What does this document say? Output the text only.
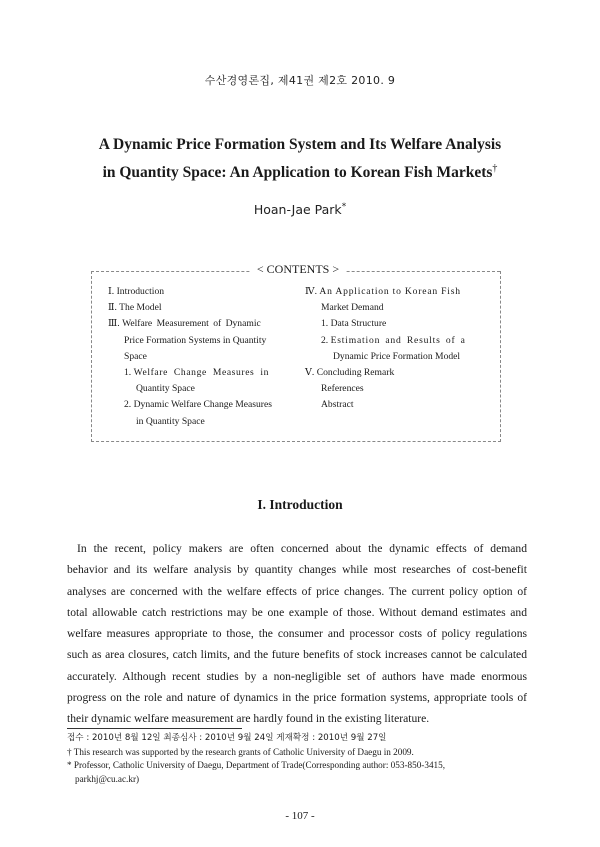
수산경영론집, 제41권 제2호 2010. 9
A Dynamic Price Formation System and Its Welfare Analysis
in Quantity Space: An Application to Korean Fish Markets†
Hoan-Jae Park*
< CONTENTS >
Ⅰ. Introduction
Ⅱ. The Model
Ⅲ. Welfare Measurement of Dynamic
Price Formation Systems in Quantity
Space
1. Welfare Change Measures in
Quantity Space
2. Dynamic Welfare Change Measures
in Quantity Space
Ⅳ. An Application to Korean Fish
Market Demand
1. Data Structure
2. Estimation and Results of a
Dynamic Price Formation Model
Ⅴ. Concluding Remark
References
Abstract
I. Introduction
In the recent, policy makers are often concerned about the dynamic effects of demand
behavior and its welfare analysis by quantity changes while most researches of cost-benefit
analyses are concerned with the welfare effects of price changes. The current policy option of
total allowable catch restrictions may be one example of those. Without demand estimates and
welfare measures appropriate to those, the consumer and processor costs of policy regulations
such as area closures, catch limits, and the future benefits of stock increases cannot be calculated
accurately. Although recent studies by a non-negligible set of authors have made enormous
progress on the role and nature of dynamics in the price formation systems, appropriate tools of
their dynamic welfare measurement are hardly found in the existing literature.
접수 : 2010년 8월 12일 최종심사 : 2010년 9월 24일 게재확정 : 2010년 9월 27일
† This research was supported by the research grants of Catholic University of Daegu in 2009.
* Professor, Catholic University of Daegu, Department of Trade(Corresponding author: 053-850-3415,
parkhj@cu.ac.kr)
- 107 -
